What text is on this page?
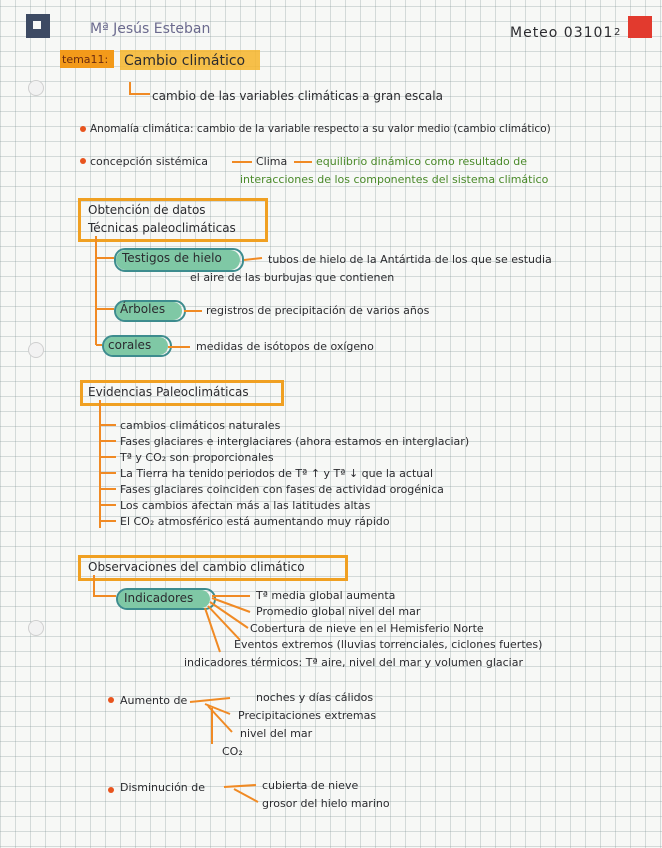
Mª Jesús Esteban	Meteo 03101 2
tema11: Cambio climático
cambio de las variables climáticas a gran escala
Anomalía climática: cambio de la variable respecto a su valor medio (cambio climático)
concepción sistémica	Clima	equilibrio dinámico como resultado de
interacciones de los componentes del sistema climático
Obtención de datos
Técnicas paleoclimáticas
Testigos de hielo	tubos de hielo de la Antártida de los que se estudia
el aire de las burbujas que contienen
Árboles	registros de precipitación de varios años
corales	medidas de isótopos de oxígeno
Evidencias Paleoclimáticas
cambios climáticos naturales
Fases glaciares e interglaciares (ahora estamos en interglaciar)
Tª y CO₂ son proporcionales
La Tierra ha tenido periodos de Tª ↑ y Tª ↓ que la actual
Fases glaciares coinciden con fases de actividad orogénica
Los cambios afectan más a las latitudes altas
El CO₂ atmosférico está aumentando muy rápido
Observaciones del cambio climático
Indicadores	Tª media global aumenta
Promedio global nivel del mar
Cobertura de nieve en el Hemisferio Norte
Eventos extremos (lluvias torrenciales, ciclones fuertes)
indicadores térmicos: Tª aire, nivel del mar y volumen glaciar
Aumento de	noches y días cálidos
Precipitaciones extremas
nivel del mar
CO₂
Disminución de	cubierta de nieve
grosor del hielo marino
